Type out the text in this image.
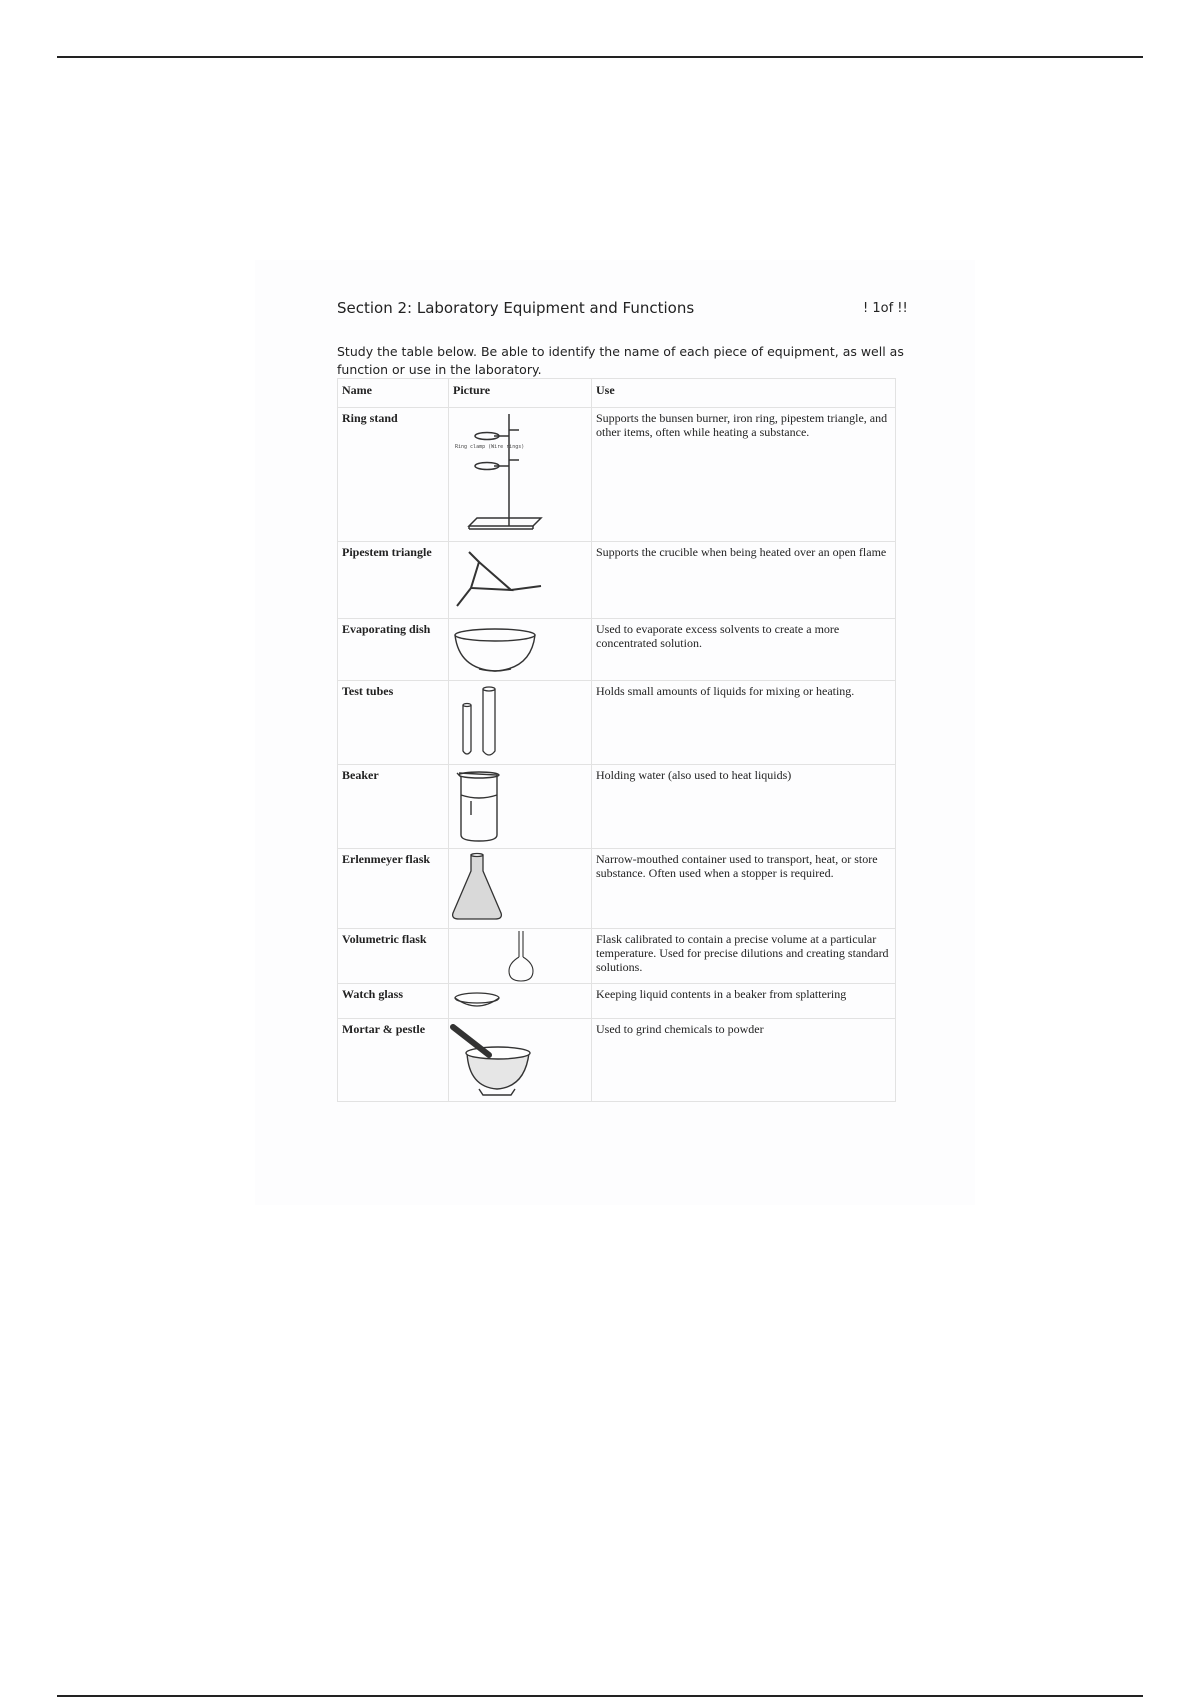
Section 2: Laboratory Equipment and Functions	! 1of !!
Study the table below. Be able to identify the name of each piece of equipment, as well as function or use in the laboratory.
Name	Picture	Use
Ring stand	Ring clamp (Wire rings)	Supports the bunsen burner, iron ring, pipestem triangle, and other items, often while heating a substance.
Pipestem triangle		Supports the crucible when being heated over an open flame
Evaporating dish		Used to evaporate excess solvents to create a more concentrated solution.
Test tubes		Holds small amounts of liquids for mixing or heating.
Beaker		Holding water (also used to heat liquids)
Erlenmeyer flask		Narrow-mouthed container used to transport, heat, or store substance. Often used when a stopper is required.
Volumetric flask		Flask calibrated to contain a precise volume at a particular temperature. Used for precise dilutions and creating standard solutions.
Watch glass		Keeping liquid contents in a beaker from splattering
Mortar & pestle		Used to grind chemicals to powder
